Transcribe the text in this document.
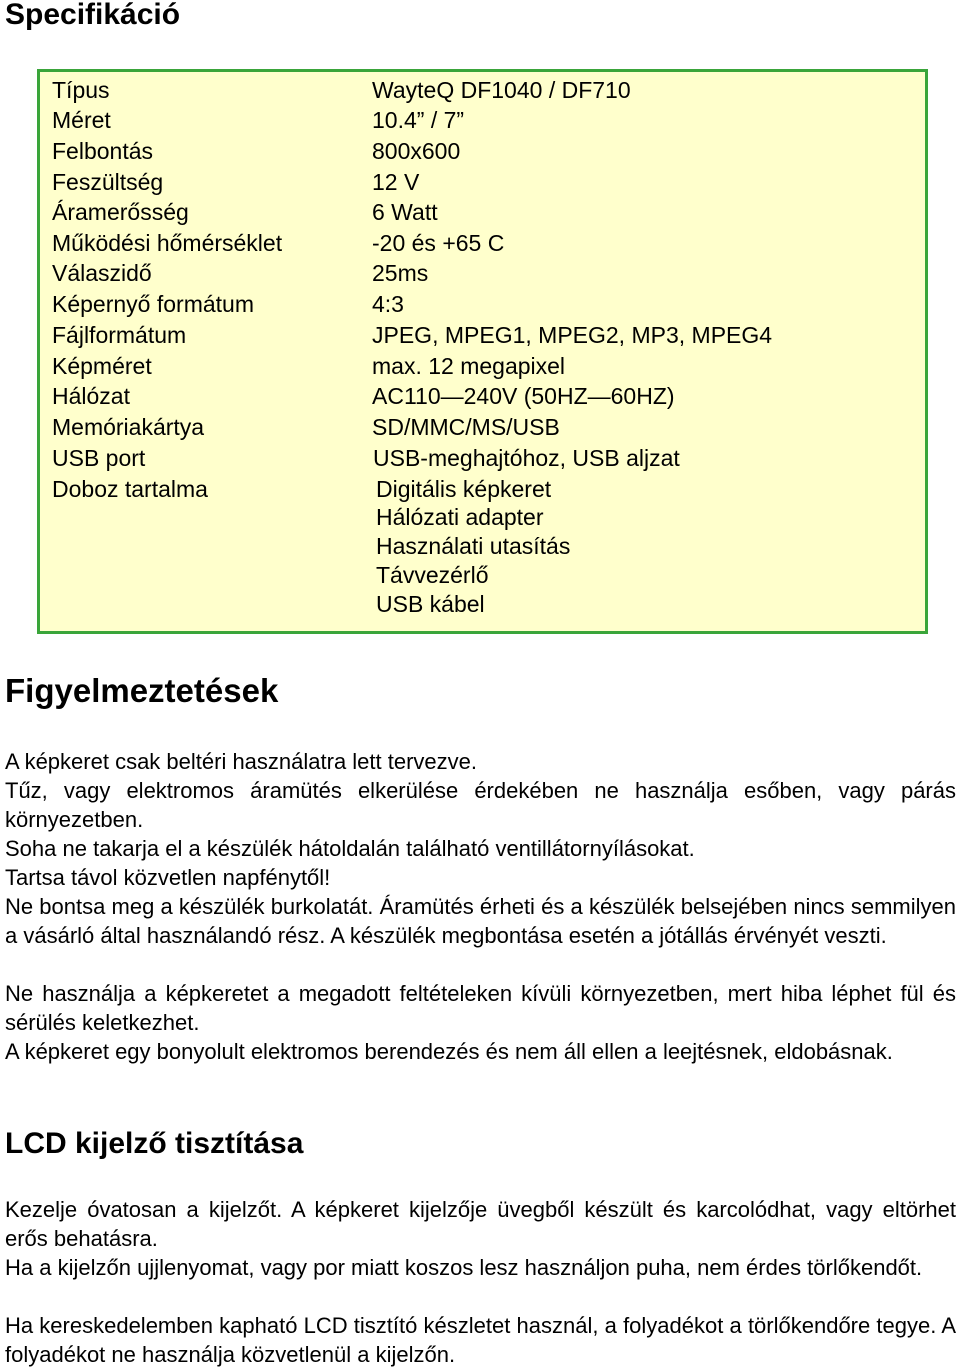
Specifikáció
Típus	WayteQ DF1040 / DF710
Méret	10.4” / 7”
Felbontás	800x600
Feszültség	12 V
Áramerősség	6 Watt
Működési hőmérséklet	-20 és +65 C
Válaszidő	25ms
Képernyő formátum	4:3
Fájlformátum	JPEG, MPEG1, MPEG2, MP3, MPEG4
Képméret	max. 12 megapixel
Hálózat	AC110—240V (50HZ—60HZ)
Memóriakártya	SD/MMC/MS/USB
USB port	USB-meghajtóhoz, USB aljzat
Doboz tartalma	Digitális képkeret
Hálózati adapter
Használati utasítás
Távvezérlő
USB kábel
Figyelmeztetések

A képkeret csak beltéri használatra lett tervezve.

Tűz, vagy elektromos áramütés elkerülése érdekében ne használja esőben, vagy párás környezetben.

Soha ne takarja el a készülék hátoldalán található ventillátornyílásokat.

Tartsa távol közvetlen napfénytől!

Ne bontsa meg a készülék burkolatát. Áramütés érheti és a készülék belsejében nincs semmilyen a vásárló által használandó rész. A készülék megbontása esetén a jótállás érvényét veszti.

Ne használja a képkeretet a megadott feltételeken kívüli környezetben, mert hiba léphet fül és sérülés keletkezhet.

A képkeret egy bonyolult elektromos berendezés és nem áll ellen a leejtésnek, eldobásnak.

LCD kijelző tisztítása

Kezelje óvatosan a kijelzőt. A képkeret kijelzője üvegből készült és karcolódhat, vagy eltörhet erős behatásra.

Ha a kijelzőn ujjlenyomat, vagy por miatt koszos lesz használjon puha, nem érdes törlőkendőt.

Ha kereskedelemben kapható LCD tisztító készletet használ, a folyadékot a törlőkendőre tegye. A folyadékot ne használja közvetlenül a kijelzőn.
